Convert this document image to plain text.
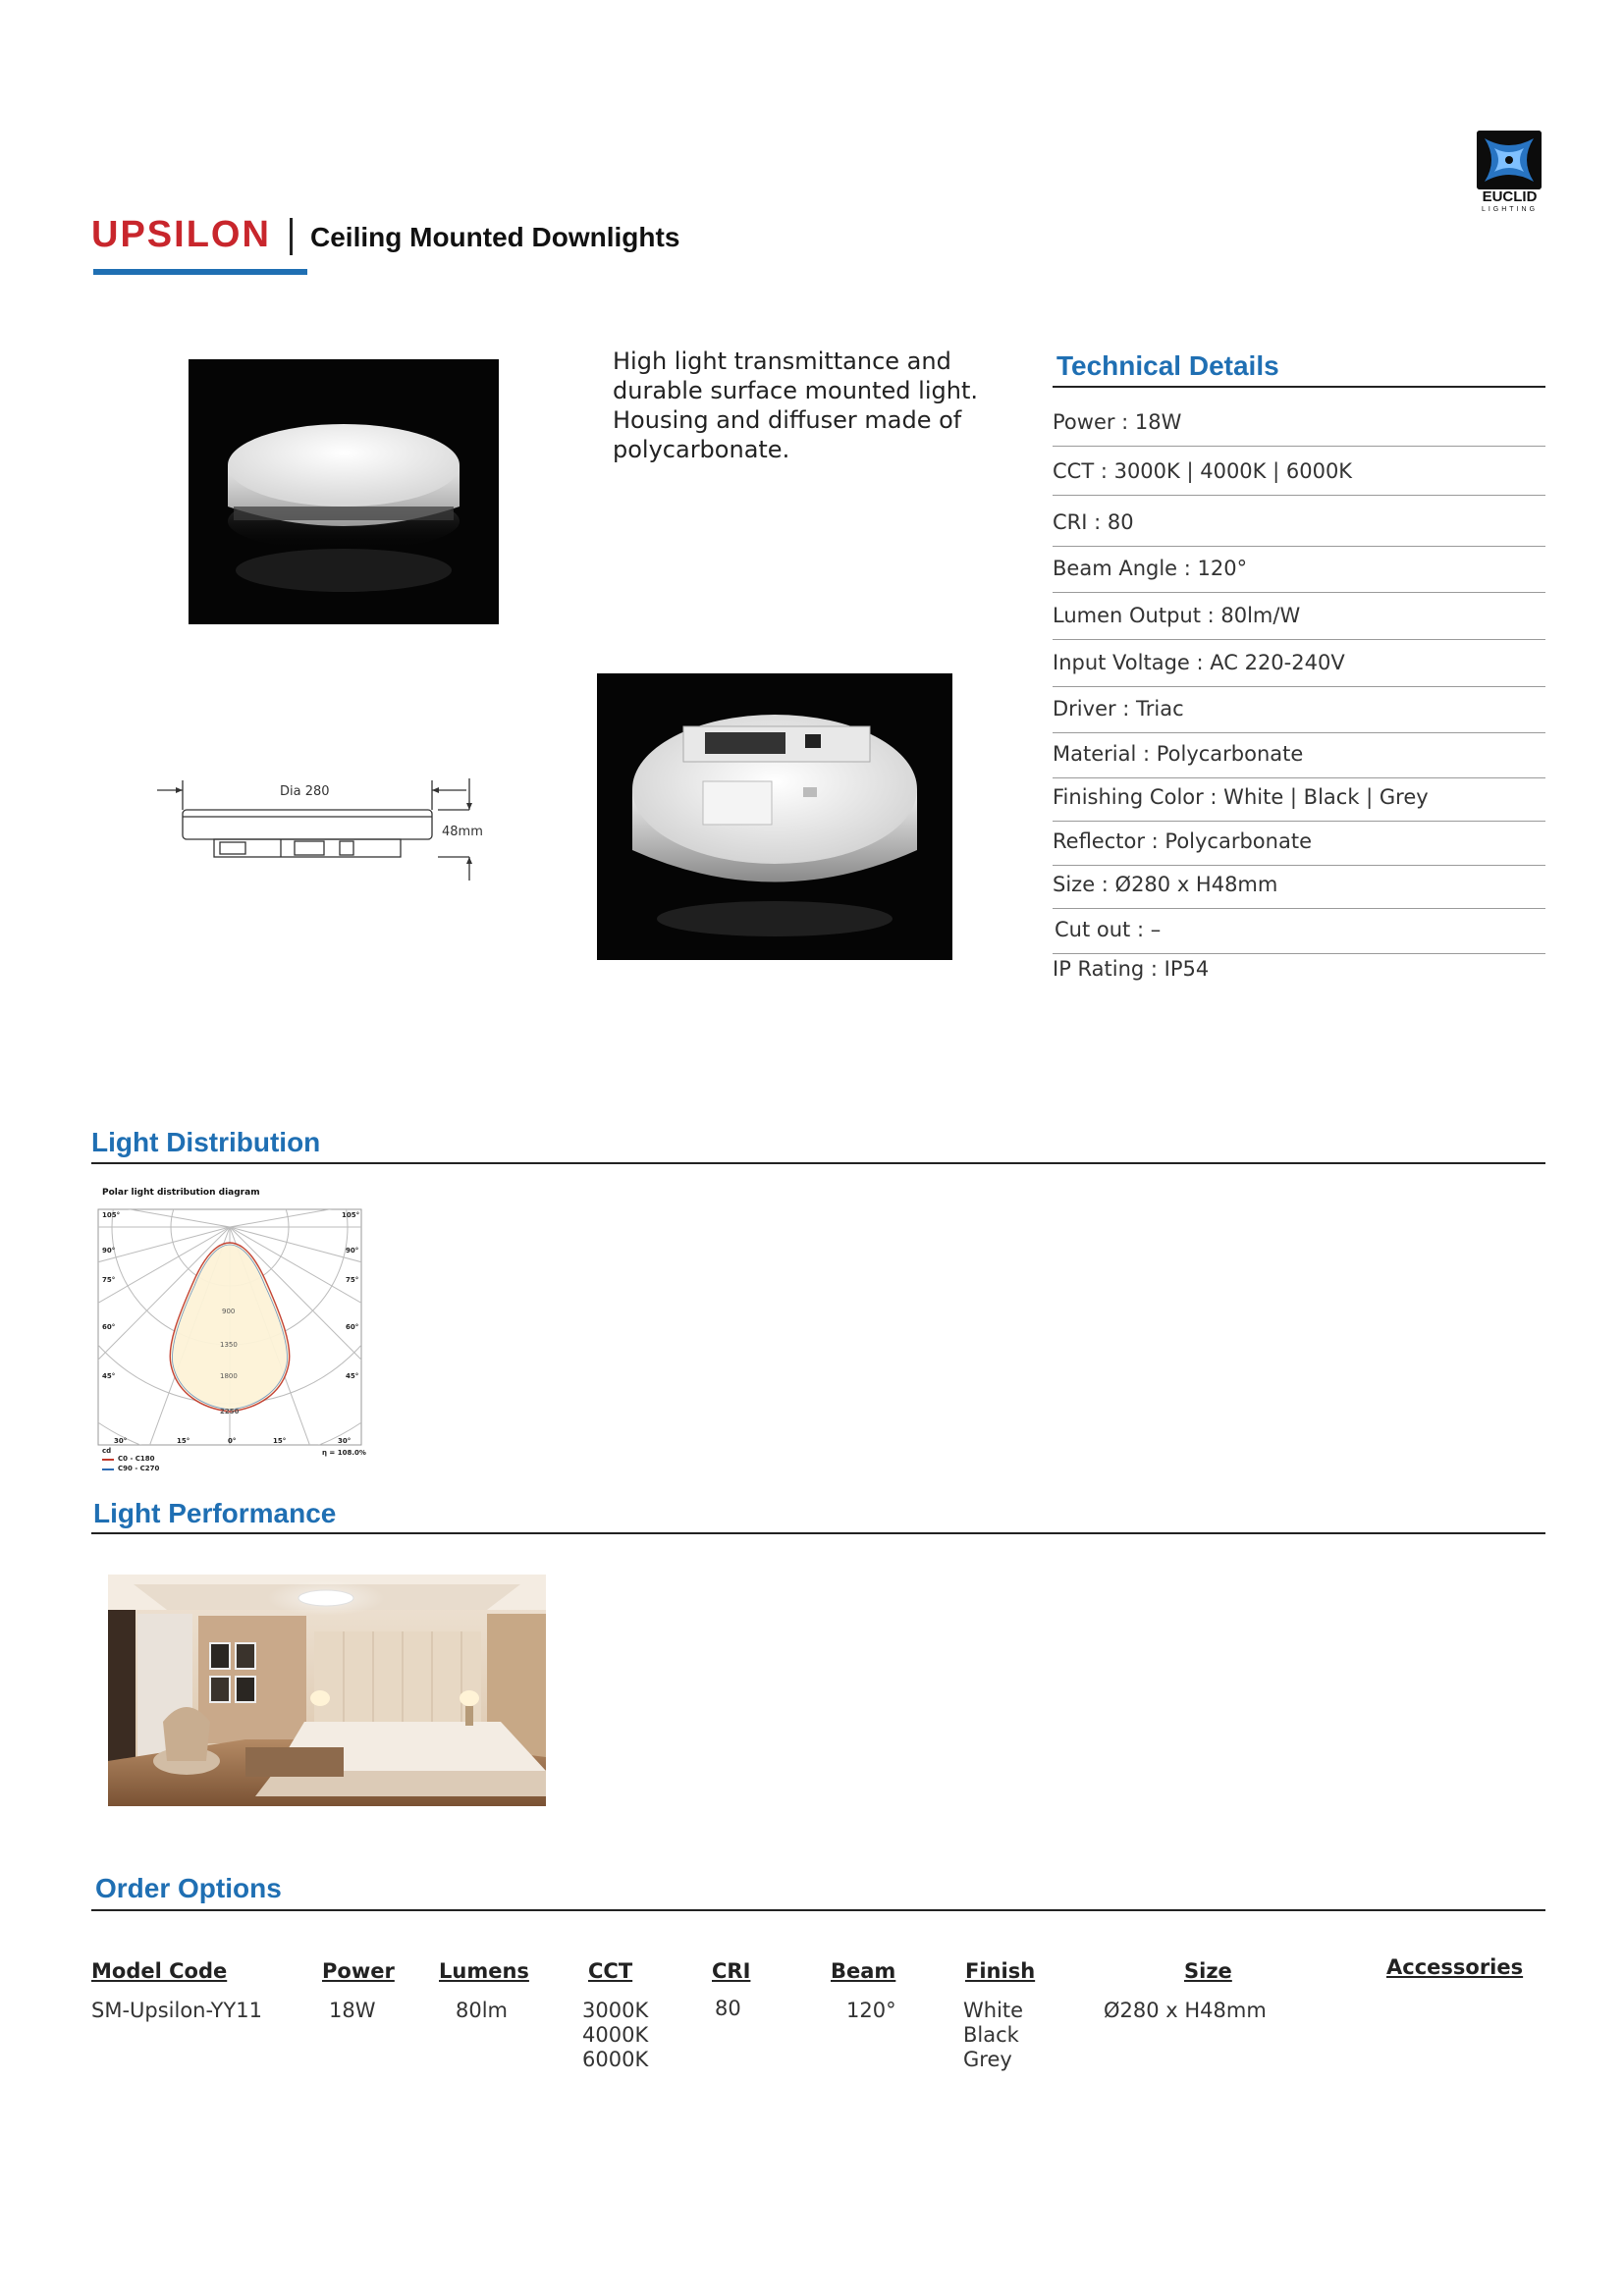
UPSILON Ceiling Mounted Downlights
EUCLID
LIGHTING
High light transmittance and durable surface mounted light. Housing and diffuser made of polycarbonate.
Technical Details
Power : 18W
CCT : 3000K | 4000K | 6000K
CRI : 80
Beam Angle : 120°
Lumen Output : 80lm/W
Input Voltage : AC 220-240V
Driver : Triac
Material : Polycarbonate
Finishing Color : White | Black | Grey
Reflector : Polycarbonate
Size : Ø280 x H48mm
Cut out : –
IP Rating : IP54
Dia 280
48mm
Light Distribution
Polar light distribution diagram
105°
90°
75°
60°
45°
105°
90°
75°
60°
45°
900
1350
1800
2250
30°	15°	0°	15°	30°
cd
C0 - C180
C90 - C270
η = 108.0%
Light Performance
Order Options
Model Code	Power Lumens	CCT	CRI	Beam	Finish	Size	Accessories
SM-Upsilon-YY11	18W	80lm	3000K
4000K
6000K
80	120°	White
Black
Grey
Ø280 x H48mm
